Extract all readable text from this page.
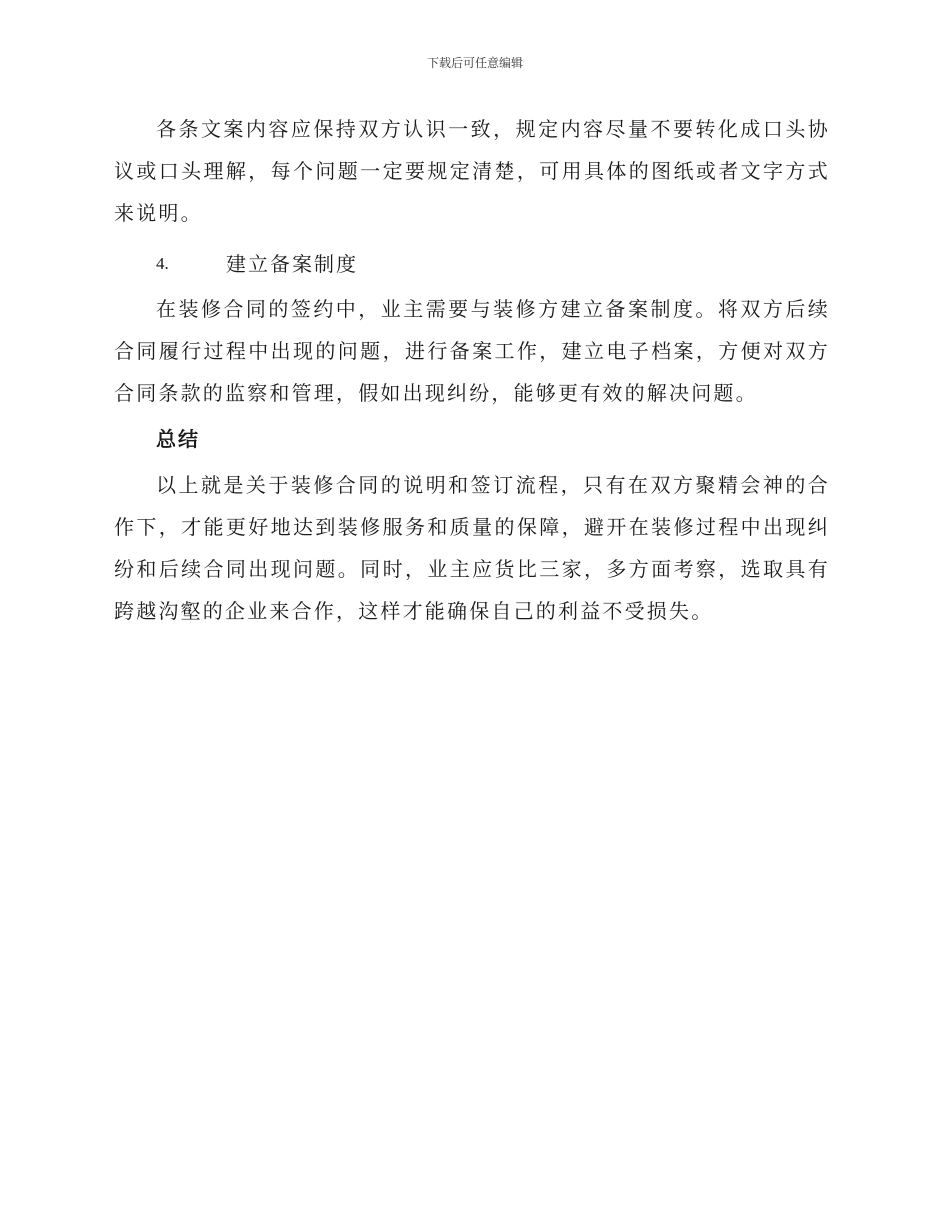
下载后可任意编辑

各条文案内容应保持双方认识一致，规定内容尽量不要转化成口头协议或口头理解，每个问题一定要规定清楚，可用具体的图纸或者文字方式来说明。

4.	建立备案制度

在装修合同的签约中，业主需要与装修方建立备案制度。将双方后续合同履行过程中出现的问题，进行备案工作，建立电子档案，方便对双方合同条款的监察和管理，假如出现纠纷，能够更有效的解决问题。

总结

以上就是关于装修合同的说明和签订流程，只有在双方聚精会神的合作下，才能更好地达到装修服务和质量的保障，避开在装修过程中出现纠纷和后续合同出现问题。同时，业主应货比三家，多方面考察，选取具有跨越沟壑的企业来合作，这样才能确保自己的利益不受损失。
